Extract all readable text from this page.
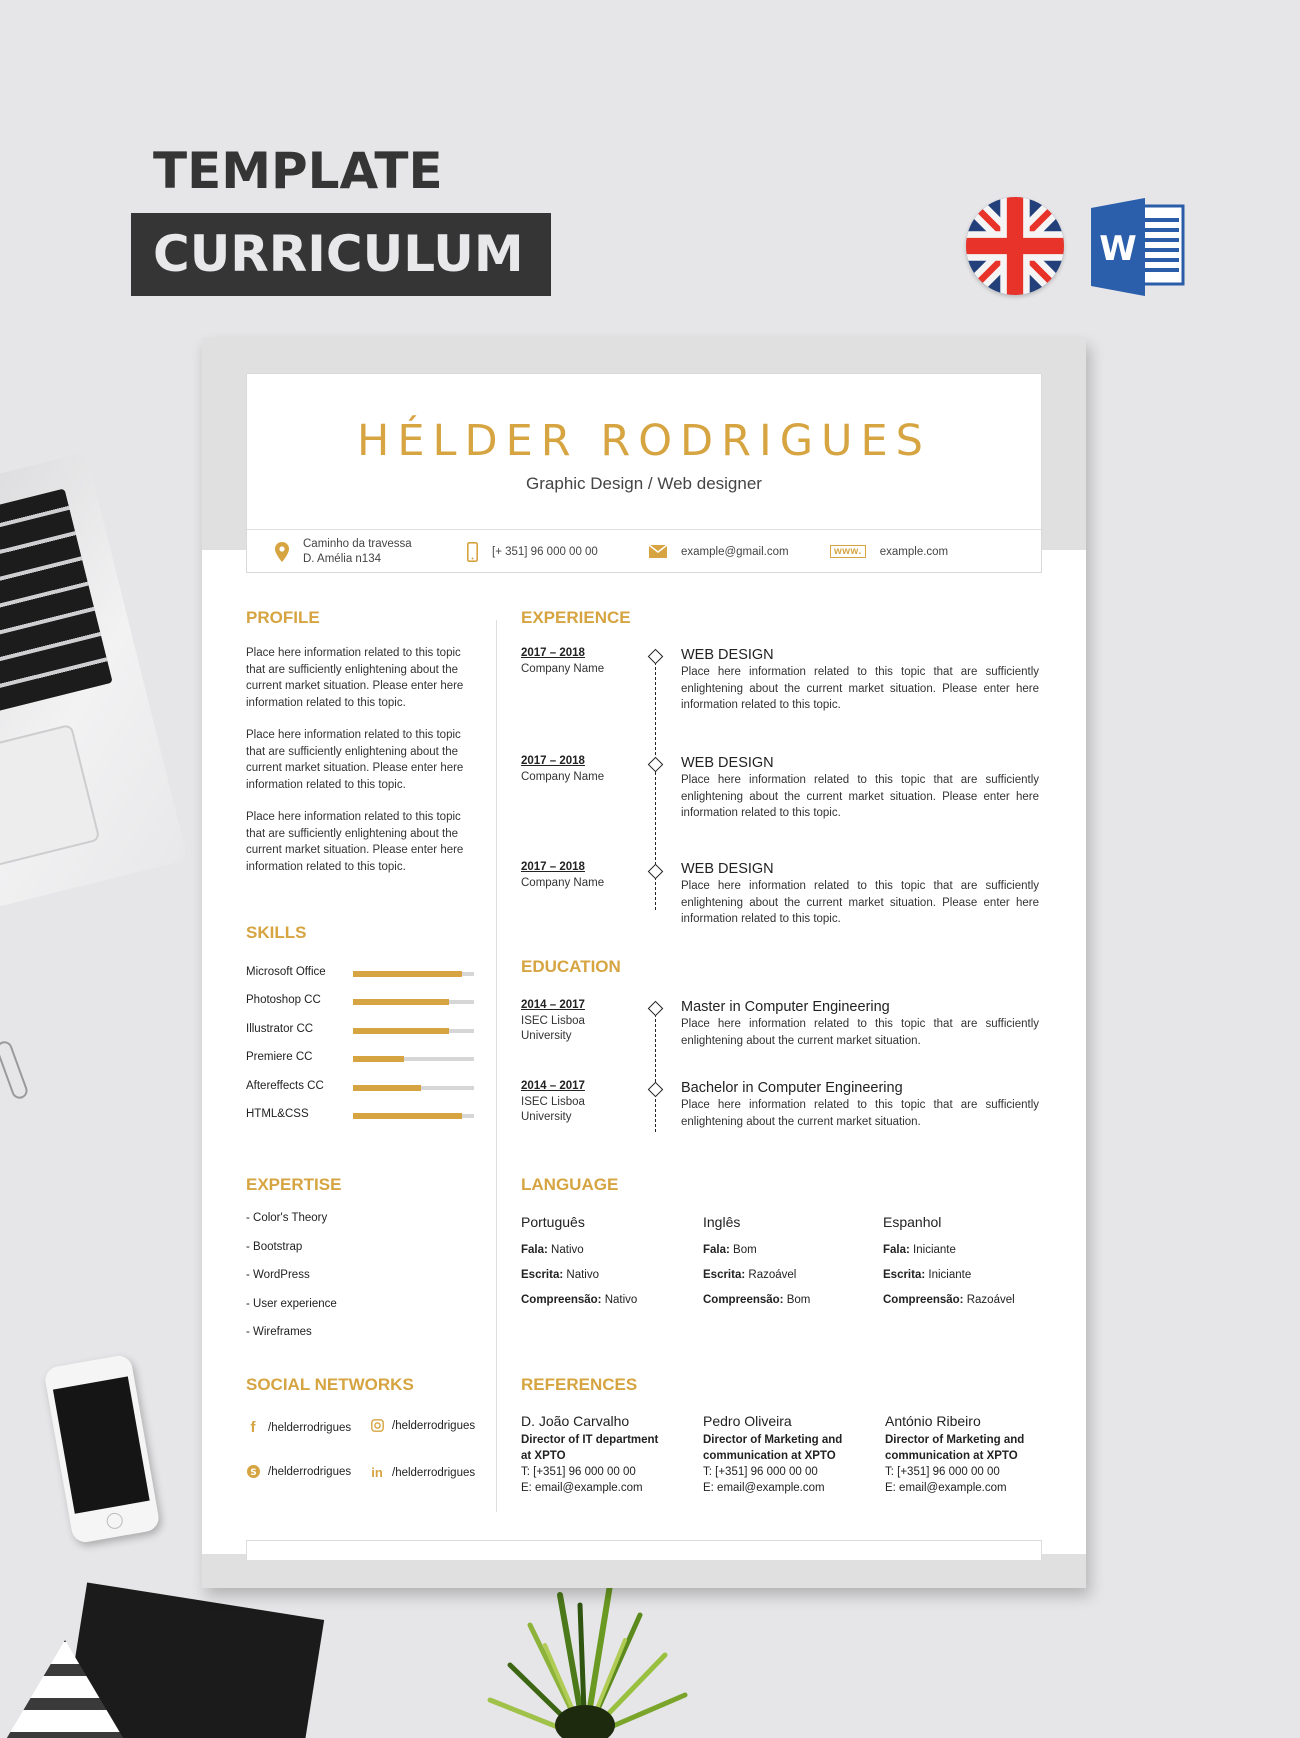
TEMPLATE
CURRICULUM	W
HÉLDER RODRIGUES
Graphic Design / Web designer
Caminho da travessa
D. Amélia n134
[+ 351] 96 000 00 00	example@gmail.com	www.	example.com
PROFILE
Place here information related to this topic that are sufficiently enlightening about the current market situation. Please enter here information related to this topic.
Place here information related to this topic that are sufficiently enlightening about the current market situation. Please enter here information related to this topic.
Place here information related to this topic that are sufficiently enlightening about the current market situation. Please enter here information related to this topic.
SKILLS
Microsoft Office
Photoshop CC
Illustrator CC
Premiere CC
Aftereffects CC
HTML&CSS
EXPERTISE
- Color's Theory
- Bootstrap
- WordPress
- User experience
- Wireframes
SOCIAL NETWORKS
f	/helderrodrigues	/helderrodrigues
S /helderrodrigues in /helderrodrigues
EXPERIENCE
2017 – 2018
Company Name
WEB DESIGN
Place here information related to this topic that are sufficiently enlightening about the current market situation. Please enter here information related to this topic.
2017 – 2018
Company Name
WEB DESIGN
Place here information related to this topic that are sufficiently enlightening about the current market situation. Please enter here information related to this topic.
2017 – 2018
Company Name
WEB DESIGN
Place here information related to this topic that are sufficiently enlightening about the current market situation. Please enter here information related to this topic.
EDUCATION
2014 – 2017
ISEC Lisboa University
Master in Computer Engineering
Place here information related to this topic that are sufficiently enlightening about the current market situation.
2014 – 2017
ISEC Lisboa University
Bachelor in Computer Engineering
Place here information related to this topic that are sufficiently enlightening about the current market situation.
LANGUAGE
Português
Fala: Nativo
Escrita: Nativo
Compreensão: Nativo
Inglês
Fala: Bom
Escrita: Razoável
Compreensão: Bom
Espanhol
Fala: Iniciante
Escrita: Iniciante
Compreensão: Razoável
REFERENCES
D. João Carvalho
Director of IT department at XPTO
T: [+351] 96 000 00 00
E: email@example.com
Pedro Oliveira
Director of Marketing and communication at XPTO
T: [+351] 96 000 00 00
E: email@example.com
António Ribeiro
Director of Marketing and communication at XPTO
T: [+351] 96 000 00 00
E: email@example.com
